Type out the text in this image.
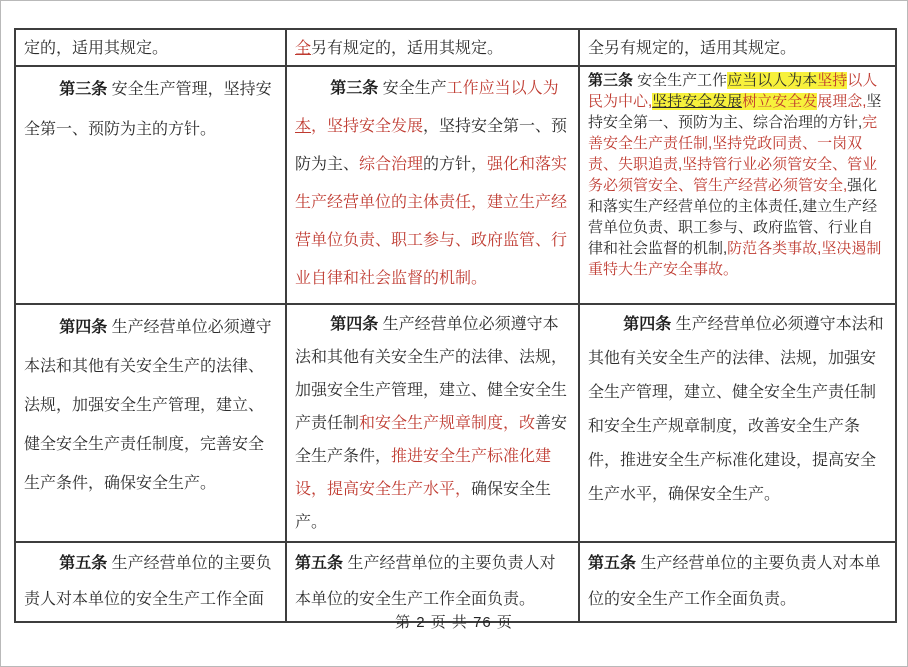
定的，适用其规定。	全另有规定的，适用其规定。	全另有规定的，适用其规定。

第三条 安全生产管理，坚持安全第一、预防为主的方针。	第三条 安全生产工作应当以人为本，坚持安全发展，坚持安全第一、预防为主、综合治理的方针，强化和落实生产经营单位的主体责任，建立生产经营单位负责、职工参与、政府监管、行业自律和社会监督的机制。	第三条 安全生产工作应当以人为本坚持以人民为中心,坚持安全发展树立安全发展理念,坚持安全第一、预防为主、综合治理的方针,完善安全生产责任制,坚持党政同责、一岗双责、失职追责,坚持管行业必须管安全、管业务必须管安全、管生产经营必须管安全,强化和落实生产经营单位的主体责任,建立生产经营单位负责、职工参与、政府监管、行业自律和社会监督的机制,防范各类事故,坚决遏制重特大生产安全事故。

第四条 生产经营单位必须遵守本法和其他有关安全生产的法律、法规，加强安全生产管理，建立、健全安全生产责任制度，完善安全生产条件，确保安全生产。	第四条 生产经营单位必须遵守本法和其他有关安全生产的法律、法规，加强安全生产管理，建立、健全安全生产责任制和安全生产规章制度，改善安全生产条件，推进安全生产标准化建设，提高安全生产水平，确保安全生产。	第四条 生产经营单位必须遵守本法和其他有关安全生产的法律、法规，加强安全生产管理，建立、健全安全生产责任制和安全生产规章制度，改善安全生产条件，推进安全生产标准化建设，提高安全生产水平，确保安全生产。

第五条 生产经营单位的主要负责人对本单位的安全生产工作全面	第五条 生产经营单位的主要负责人对本单位的安全生产工作全面负责。	第五条 生产经营单位的主要负责人对本单位的安全生产工作全面负责。

第 2 页 共 76 页
